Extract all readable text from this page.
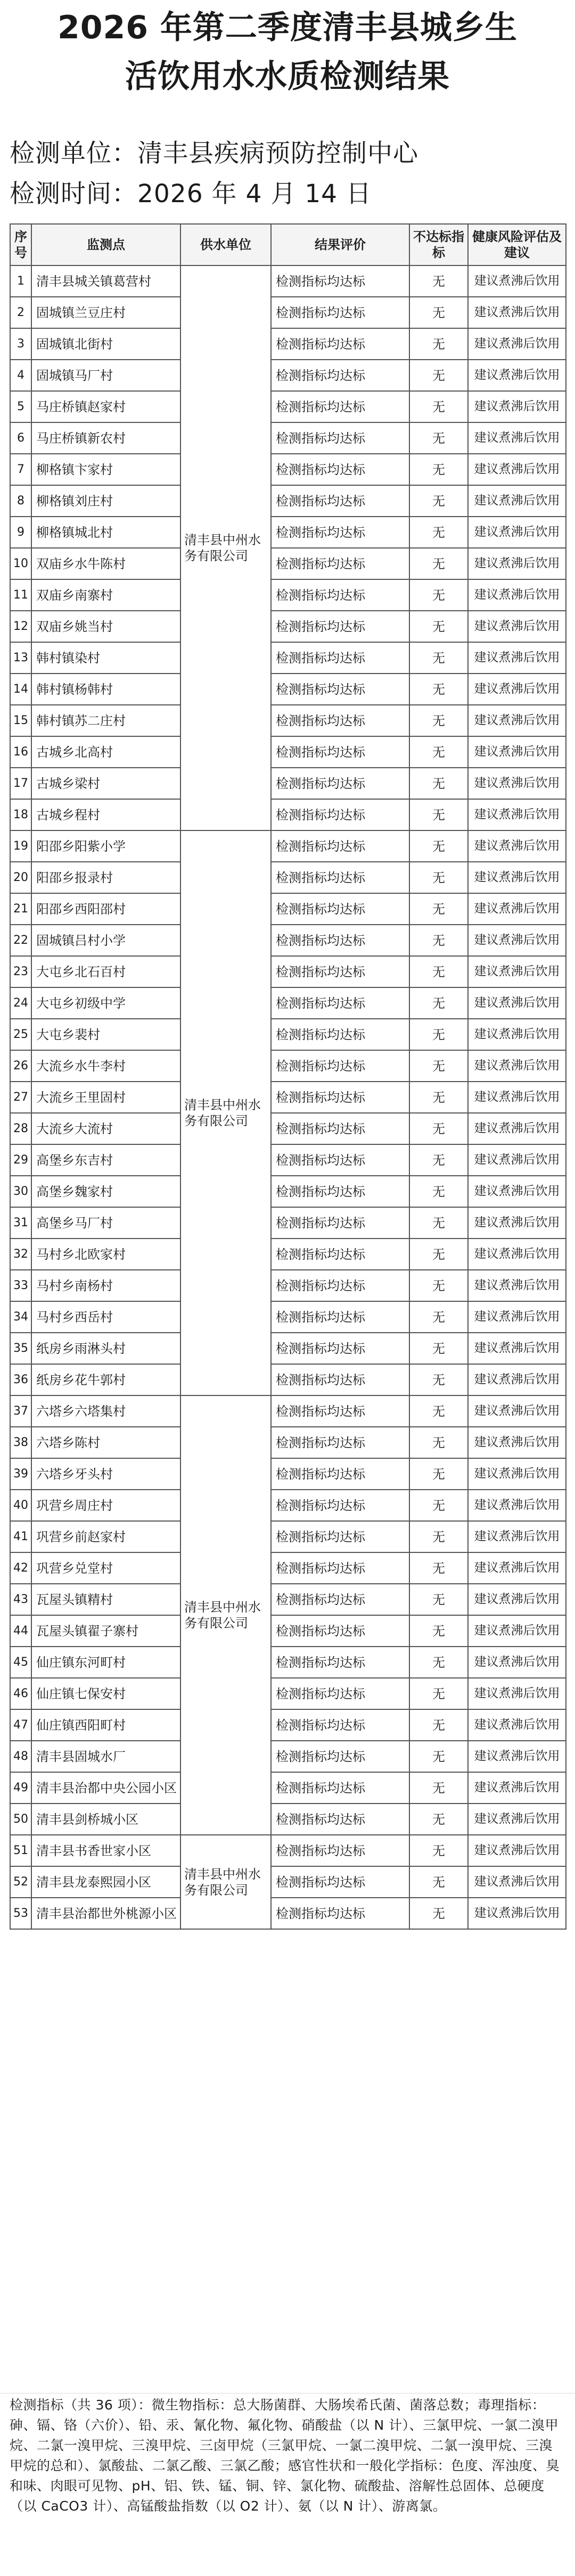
2026 年第二季度清丰县城乡生
活饮用水水质检测结果
检测单位：清丰县疾病预防控制中心
检测时间：2026 年 4 月 14 日
序号	监测点	供水单位	结果评价	不达标指标	健康风险评估及建议
1	清丰县城关镇葛营村	清丰县中州水务有限公司	检测指标均达标	无	建议煮沸后饮用
2	固城镇兰豆庄村		检测指标均达标	无	建议煮沸后饮用
3	固城镇北街村		检测指标均达标	无	建议煮沸后饮用
4	固城镇马厂村		检测指标均达标	无	建议煮沸后饮用
5	马庄桥镇赵家村		检测指标均达标	无	建议煮沸后饮用
6	马庄桥镇新农村		检测指标均达标	无	建议煮沸后饮用
7	柳格镇卞家村		检测指标均达标	无	建议煮沸后饮用
8	柳格镇刘庄村		检测指标均达标	无	建议煮沸后饮用
9	柳格镇城北村		检测指标均达标	无	建议煮沸后饮用
10	双庙乡水牛陈村		检测指标均达标	无	建议煮沸后饮用
11	双庙乡南寨村		检测指标均达标	无	建议煮沸后饮用
12	双庙乡姚当村		检测指标均达标	无	建议煮沸后饮用
13	韩村镇染村		检测指标均达标	无	建议煮沸后饮用
14	韩村镇杨韩村		检测指标均达标	无	建议煮沸后饮用
15	韩村镇苏二庄村		检测指标均达标	无	建议煮沸后饮用
16	古城乡北高村		检测指标均达标	无	建议煮沸后饮用
17	古城乡梁村		检测指标均达标	无	建议煮沸后饮用
18	古城乡程村		检测指标均达标	无	建议煮沸后饮用
19	阳邵乡阳紫小学	清丰县中州水务有限公司	检测指标均达标	无	建议煮沸后饮用
20	阳邵乡报录村		检测指标均达标	无	建议煮沸后饮用
21	阳邵乡西阳邵村		检测指标均达标	无	建议煮沸后饮用
22	固城镇吕村小学		检测指标均达标	无	建议煮沸后饮用
23	大屯乡北石百村		检测指标均达标	无	建议煮沸后饮用
24	大屯乡初级中学		检测指标均达标	无	建议煮沸后饮用
25	大屯乡裴村		检测指标均达标	无	建议煮沸后饮用
26	大流乡水牛李村		检测指标均达标	无	建议煮沸后饮用
27	大流乡王里固村		检测指标均达标	无	建议煮沸后饮用
28	大流乡大流村		检测指标均达标	无	建议煮沸后饮用
29	高堡乡东吉村		检测指标均达标	无	建议煮沸后饮用
30	高堡乡魏家村		检测指标均达标	无	建议煮沸后饮用
31	高堡乡马厂村		检测指标均达标	无	建议煮沸后饮用
32	马村乡北欧家村		检测指标均达标	无	建议煮沸后饮用
33	马村乡南杨村		检测指标均达标	无	建议煮沸后饮用
34	马村乡西岳村		检测指标均达标	无	建议煮沸后饮用
35	纸房乡雨淋头村		检测指标均达标	无	建议煮沸后饮用
36	纸房乡花牛郭村		检测指标均达标	无	建议煮沸后饮用
37	六塔乡六塔集村	清丰县中州水务有限公司	检测指标均达标	无	建议煮沸后饮用
38	六塔乡陈村		检测指标均达标	无	建议煮沸后饮用
39	六塔乡牙头村		检测指标均达标	无	建议煮沸后饮用
40	巩营乡周庄村		检测指标均达标	无	建议煮沸后饮用
41	巩营乡前赵家村		检测指标均达标	无	建议煮沸后饮用
42	巩营乡兑堂村		检测指标均达标	无	建议煮沸后饮用
43	瓦屋头镇精村		检测指标均达标	无	建议煮沸后饮用
44	瓦屋头镇翟子寨村		检测指标均达标	无	建议煮沸后饮用
45	仙庄镇东河町村		检测指标均达标	无	建议煮沸后饮用
46	仙庄镇七保安村		检测指标均达标	无	建议煮沸后饮用
47	仙庄镇西阳町村		检测指标均达标	无	建议煮沸后饮用
48	清丰县固城水厂		检测指标均达标	无	建议煮沸后饮用
49	清丰县治都中央公园小区		检测指标均达标	无	建议煮沸后饮用
50	清丰县剑桥城小区		检测指标均达标	无	建议煮沸后饮用
51	清丰县书香世家小区	清丰县中州水务有限公司	检测指标均达标	无	建议煮沸后饮用
52	清丰县龙泰熙园小区		检测指标均达标	无	建议煮沸后饮用
53	清丰县治都世外桃源小区		检测指标均达标	无	建议煮沸后饮用
检测指标（共 36 项）：微生物指标：总大肠菌群、大肠埃希氏菌、菌落总数；毒理指标：砷、镉、铬（六价）、铅、汞、氰化物、氟化物、硝酸盐（以 N 计）、三氯甲烷、一氯二溴甲烷、二氯一溴甲烷、三溴甲烷、三卤甲烷（三氯甲烷、一氯二溴甲烷、二氯一溴甲烷、三溴甲烷的总和）、氯酸盐、二氯乙酸、三氯乙酸；感官性状和一般化学指标：色度、浑浊度、臭和味、肉眼可见物、pH、铝、铁、锰、铜、锌、氯化物、硫酸盐、溶解性总固体、总硬度（以 CaCO3 计）、高锰酸盐指数（以 O2 计）、氨（以 N 计）、游离氯。
